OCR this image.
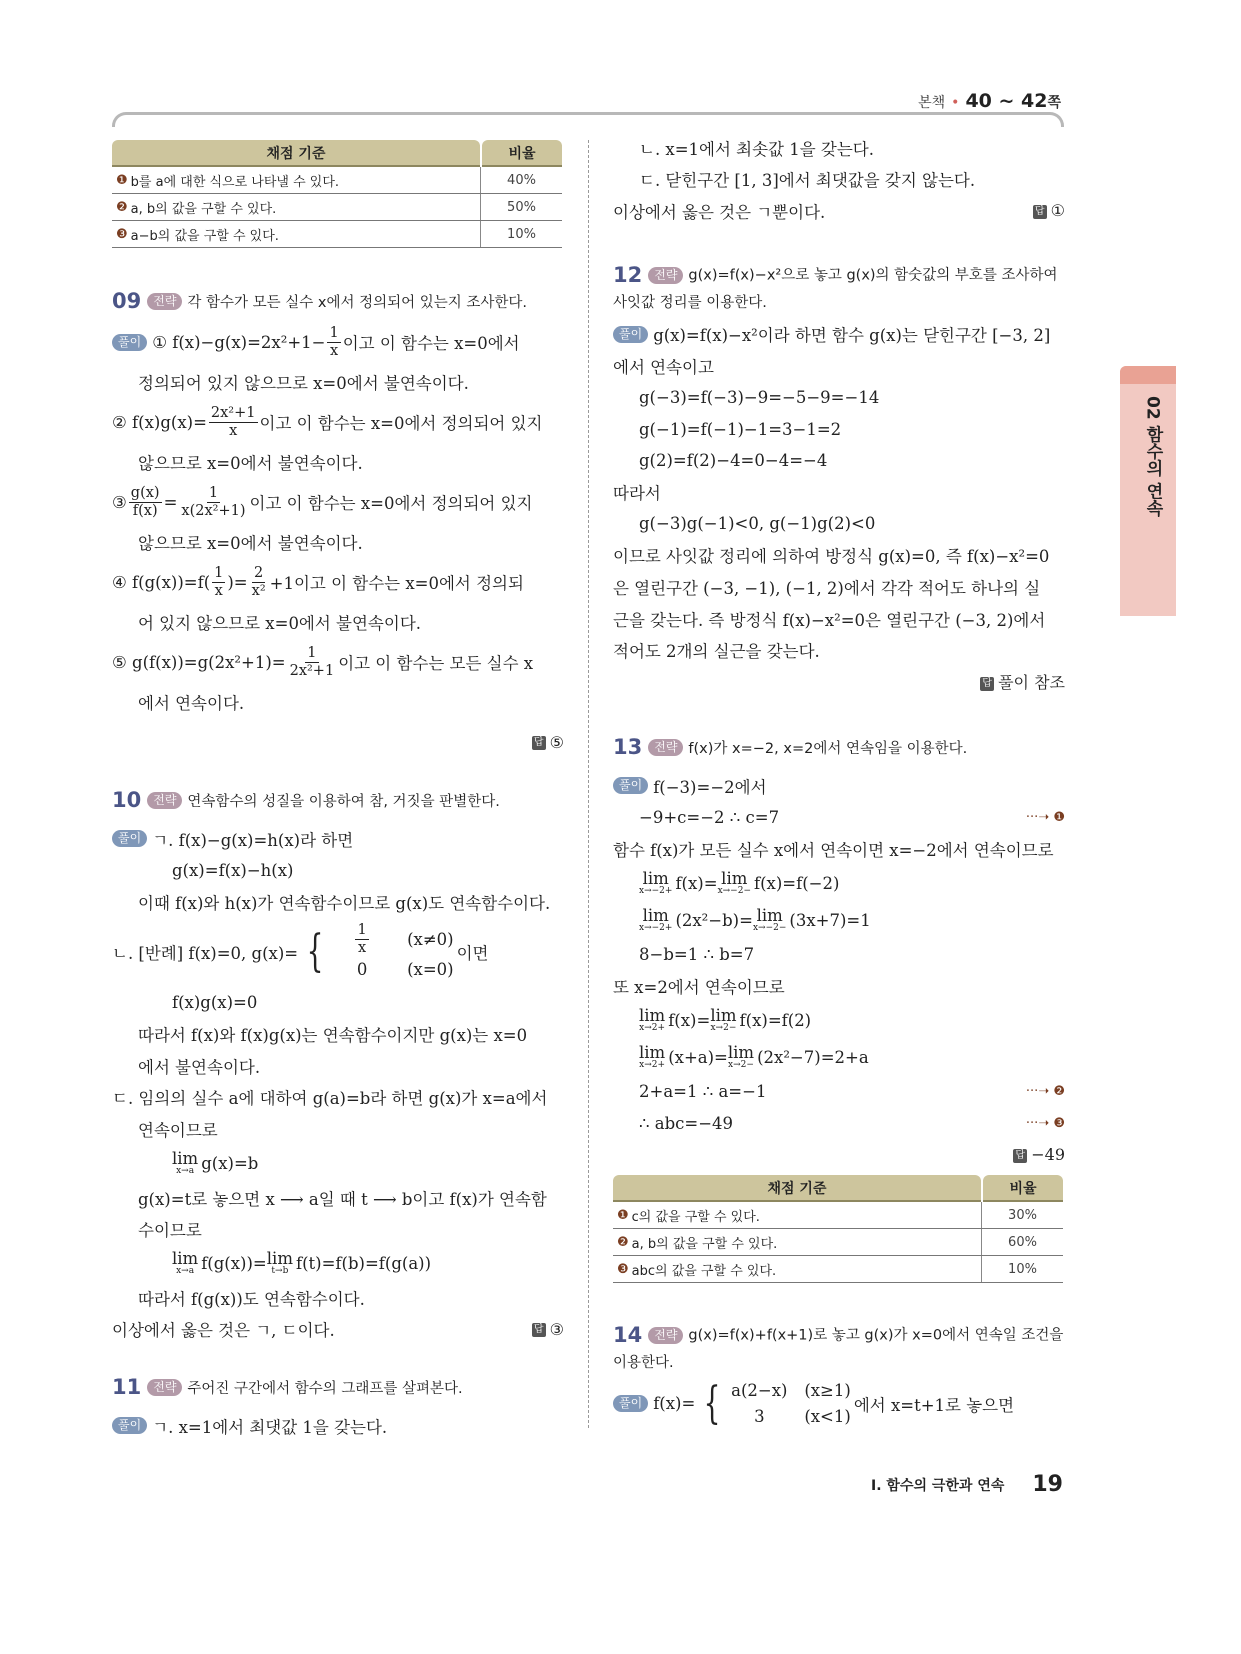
본책 • 40 ~ 42쪽
02 함수의 연속
채점 기준	비율
❶ b를 a에 대한 식으로 나타낼 수 있다.	40%
❷ a, b의 값을 구할 수 있다.	50%
❸ a−b의 값을 구할 수 있다.	10%
채점 기준	비율
❶ c의 값을 구할 수 있다.	30%
❷ a, b의 값을 구할 수 있다.	60%
❸ abc의 값을 구할 수 있다.	10%
09	전략 각 함수가 모든 실수 x에서 정의되어 있는지 조사한다.
풀이 ① $f(x)-g(x)=2x^2+1- \frac{1}{x}$ 이고 이 함수는 x=0에서
정의되어 있지 않으므로 x=0에서 불연속이다.
② $f(x)g(x)= \frac{\text{2x²+1}}{x}$ 이고 이 함수는 x=0에서 정의되어 있지
않으므로 x=0에서 불연속이다.
③ $\frac{g(x)}{f(x)} = \frac{1}{\text{x(2x²+1)}}$ 이고 이 함수는 x=0에서 정의되어 있지
않으므로 x=0에서 불연속이다.
④ $f(g(x))=f( \frac{1}{x}$ )= $\frac{2}{\text{x²}} +1$이고 이 함수는 x=0에서 정의되
어 있지 않으므로 x=0에서 불연속이다.
⑤ $g(f(x))=g(2x^2+1)= \frac{1}{\text{2x²+1}}$ 이고 이 함수는 모든 실수 x
에서 연속이다.
답 ⑤
10	전략 연속함수의 성질을 이용하여 참, 거짓을 판별한다.
풀이 ㄱ. f(x)−g(x)=h(x)라 하면
g(x)=f(x)−h(x)
이때 f(x)와 h(x)가 연속함수이므로 g(x)도 연속함수이다.
ㄴ. [반례] f(x)=0, g(x)= { $\frac{1}{x} (x\ne 0)$
0	(x=0)
이면
f(x)g(x)=0
따라서 f(x)와 f(x)g(x)는 연속함수이지만 g(x)는 x=0
에서 불연속이다.
ㄷ. 임의의 실수 a에 대하여 g(a)=b라 하면 g(x)가 x=a에서
연속이므로
lim
x→a g(x)=b
g(x)=t로 놓으면 x ⟶ a일 때 t ⟶ b이고 f(x)가 연속함
수이므로
lim
x→a f(g(x))= lim
t→b f(t)=f(b)=f(g(a))
따라서 f(g(x))도 연속함수이다.
이상에서 옳은 것은 ㄱ, ㄷ이다.	답 ③
11	전략 주어진 구간에서 함수의 그래프를 살펴본다.
풀이 ㄱ. x=1에서 최댓값 1을 갖는다.
ㄴ. x=1에서 최솟값 1을 갖는다.
ㄷ. 닫힌구간 [1, 3]에서 최댓값을 갖지 않는다.
이상에서 옳은 것은 ㄱ뿐이다.	답 ①
12 전략 g(x)=f(x)−x²으로 놓고 g(x)의 함숫값의 부호를 조사하여 사잇값 정리를 이용한다.
풀이 g(x)=f(x)−x²이라 하면 함수 g(x)는 닫힌구간 [−3, 2]
에서 연속이고
g(−3)=f(−3)−9=−5−9=−14
g(−1)=f(−1)−1=3−1=2
g(2)=f(2)−4=0−4=−4
따라서
g(−3)g(−1)<0, g(−1)g(2)<0
이므로 사잇값 정리에 의하여 방정식 g(x)=0, 즉 f(x)−x²=0
은 열린구간 (−3, −1), (−1, 2)에서 각각 적어도 하나의 실
근을 갖는다. 즉 방정식 f(x)−x²=0은 열린구간 (−3, 2)에서
적어도 2개의 실근을 갖는다.
답 풀이 참조
13	전략 f(x)가 x=−2, x=2에서 연속임을 이용한다.
풀이 f(−3)=−2에서
−9+c=−2 ∴ c=7	···➝ ❶
함수 f(x)가 모든 실수 x에서 연속이면 x=−2에서 연속이므로
lim
x→−2+ f(x)= lim
x→−2− f(x)=f(−2)
lim
x→−2+ (2x²−b)= lim
x→−2− (3x+7)=1
8−b=1 ∴ b=7
또 x=2에서 연속이므로
lim
x→2+ f(x)= lim
x→2− f(x)=f(2)
lim
x→2+ (x+a)= lim
x→2− (2x²−7)=2+a
2+a=1 ∴ a=−1	···➝ ❷
∴ abc=−49	···➝ ❸
답 −49
14 전략 g(x)=f(x)+f(x+1)로 놓고 g(x)가 x=0에서 연속일 조건을 이용한다.
풀이 f(x)= { a(2−x) (x≥1)
3	(x<1)
에서 x=t+1로 놓으면
I. 함수의 극한과 연속 19
